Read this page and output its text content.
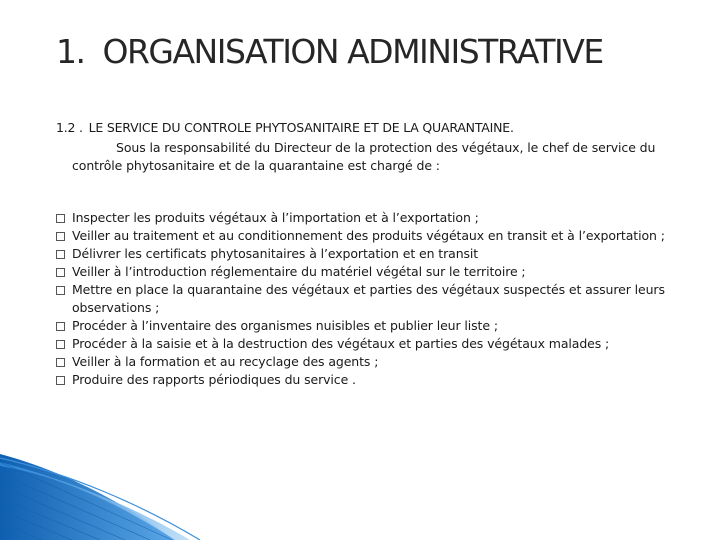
1. ORGANISATION ADMINISTRATIVE
1.2 . LE SERVICE DU CONTROLE PHYTOSANITAIRE ET DE LA QUARANTAINE.
Sous la responsabilité du Directeur de la protection des végétaux, le chef de service du contrôle phytosanitaire et de la quarantaine est chargé de :
Inspecter les produits végétaux à l’importation et à l’exportation ;
Veiller au traitement et au conditionnement des produits végétaux en transit et à l’exportation ;
Délivrer les certificats phytosanitaires à l’exportation et en transit
Veiller à l’introduction réglementaire du matériel végétal sur le territoire ;
Mettre en place la quarantaine des végétaux et parties des végétaux suspectés et assurer leurs observations ;
Procéder à l’inventaire des organismes nuisibles et publier leur liste ;
Procéder à la saisie et à la destruction des végétaux et parties des végétaux malades ;
Veiller à la formation et au recyclage des agents ;
Produire des rapports périodiques du service .
